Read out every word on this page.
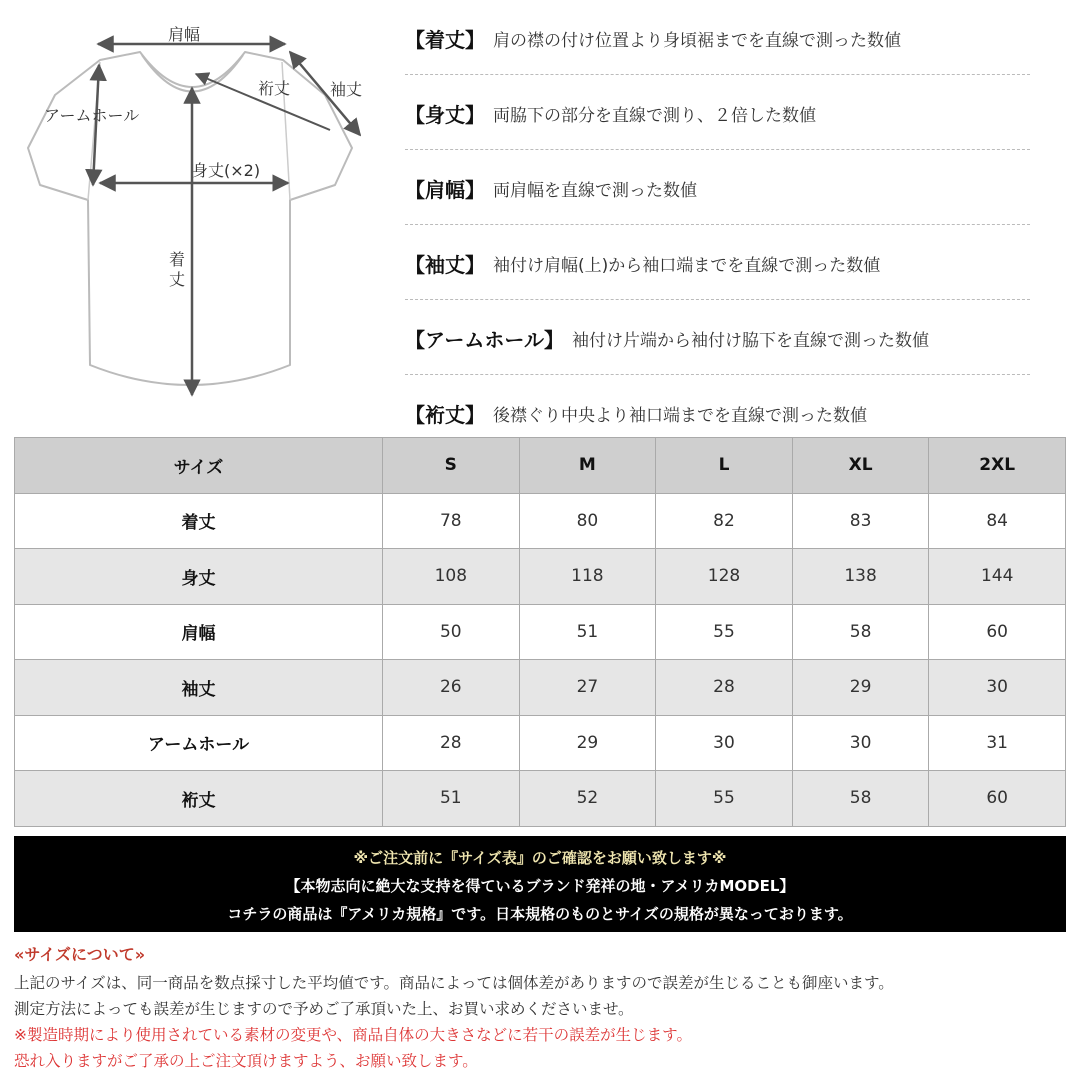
肩幅
裄丈 袖丈
アームホール
身丈(×2)
着丈
【着丈】 肩の襟の付け位置より身頃裾までを直線で測った数値
【身丈】 両脇下の部分を直線で測り、２倍した数値
【肩幅】 両肩幅を直線で測った数値
【袖丈】 袖付け肩幅(上)から袖口端までを直線で測った数値
【アームホール】 袖付け片端から袖付け脇下を直線で測った数値
【裄丈】 後襟ぐり中央より袖口端までを直線で測った数値
サイズ	S	M	L	XL	2XL
着丈	78	80	82	83	84
身丈	108	118	128	138	144
肩幅	50	51	55	58	60
袖丈	26	27	28	29	30
アームホール	28	29	30	30	31
裄丈	51	52	55	58	60
※ご注文前に『サイズ表』のご確認をお願い致します※
【本物志向に絶大な支持を得ているブランド発祥の地・アメリカMODEL】
コチラの商品は『アメリカ規格』です。日本規格のものとサイズの規格が異なっております。
«サイズについて»
上記のサイズは、同一商品を数点採寸した平均値です。商品によっては個体差がありますので誤差が生じることも御座います。
測定方法によっても誤差が生じますので予めご了承頂いた上、お買い求めくださいませ。
※製造時期により使用されている素材の変更や、商品自体の大きさなどに若干の誤差が生じます。
恐れ入りますがご了承の上ご注文頂けますよう、お願い致します。
